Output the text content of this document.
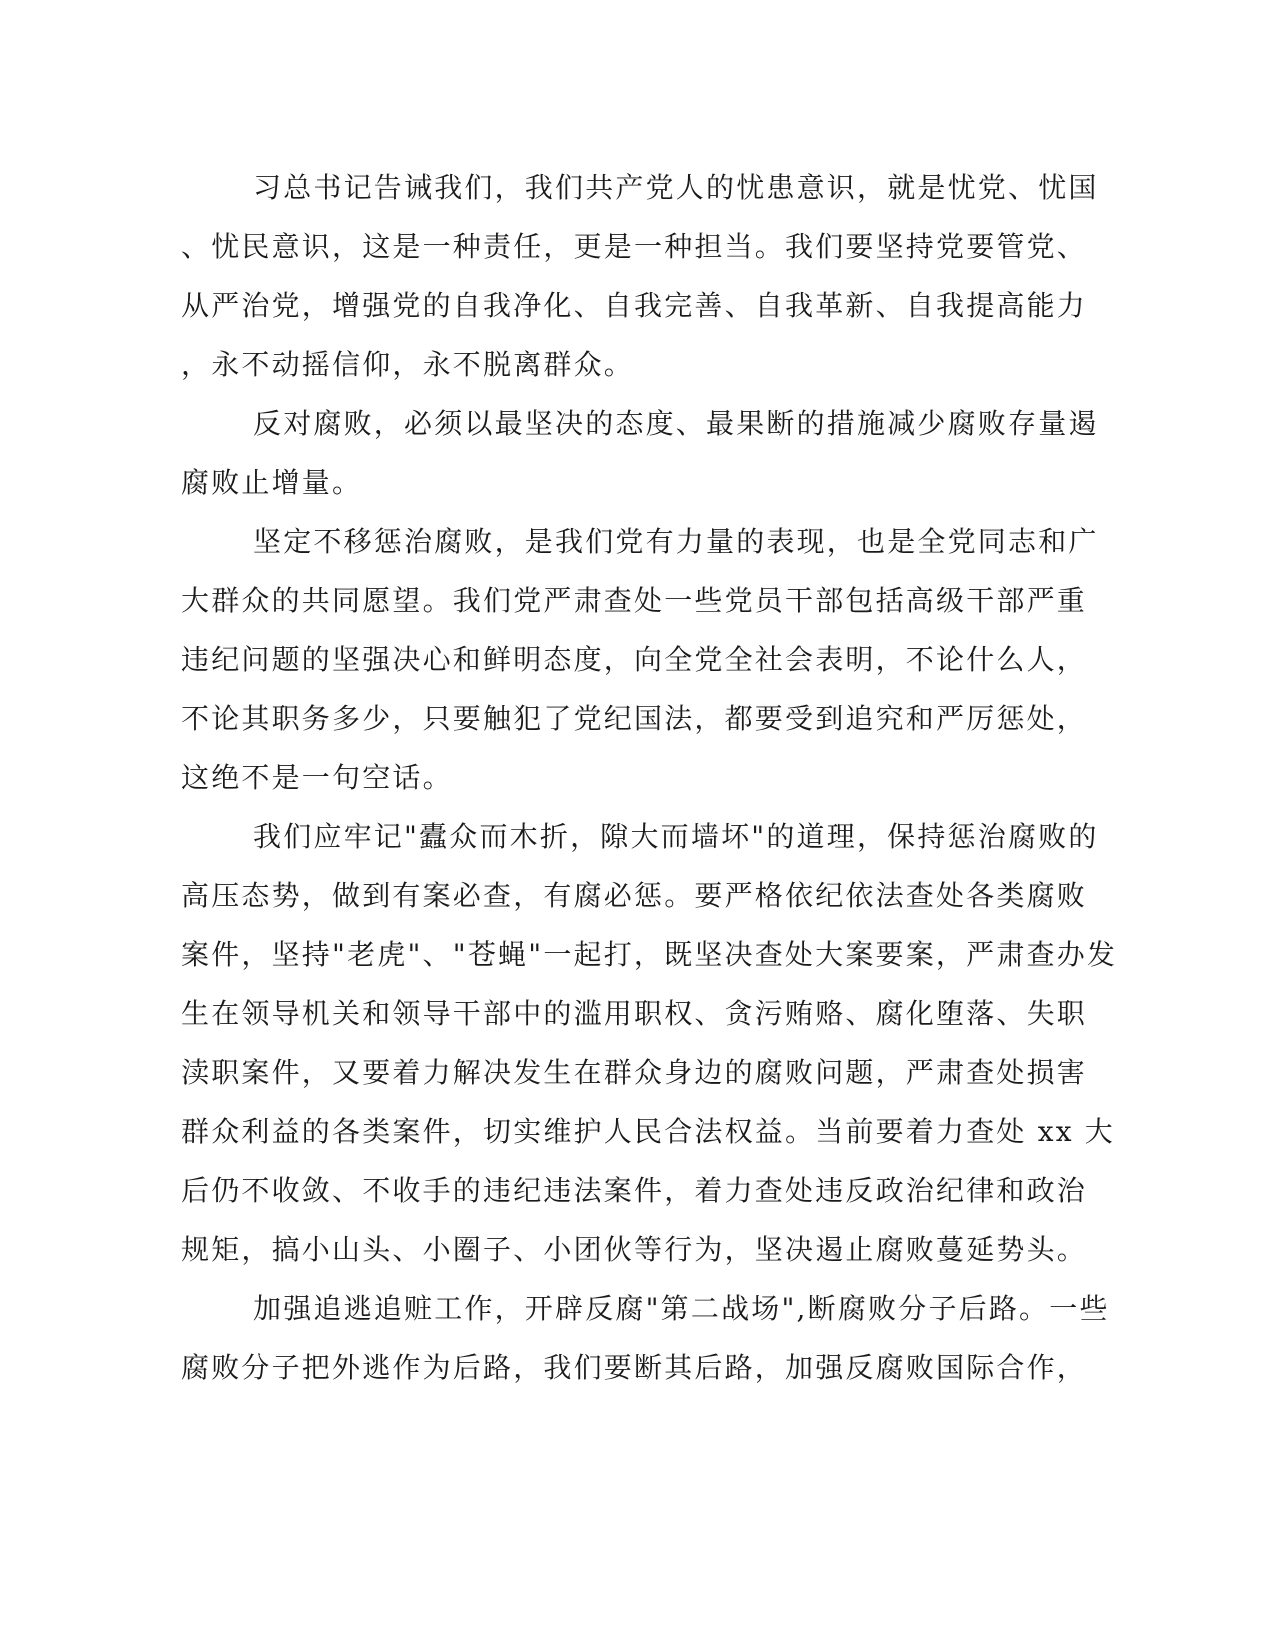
习总书记告诫我们，我们共产党人的忧患意识，就是忧党、忧国
、忧民意识，这是一种责任，更是一种担当。我们要坚持党要管党、
从严治党，增强党的自我净化、自我完善、自我革新、自我提高能力
，永不动摇信仰，永不脱离群众。
反对腐败，必须以最坚决的态度、最果断的措施减少腐败存量遏
腐败止增量。
坚定不移惩治腐败，是我们党有力量的表现，也是全党同志和广
大群众的共同愿望。我们党严肃查处一些党员干部包括高级干部严重
违纪问题的坚强决心和鲜明态度，向全党全社会表明，不论什么人，
不论其职务多少，只要触犯了党纪国法，都要受到追究和严厉惩处，
这绝不是一句空话。
我们应牢记"蠹众而木折，隙大而墙坏"的道理，保持惩治腐败的
高压态势，做到有案必查，有腐必惩。要严格依纪依法查处各类腐败
案件，坚持"老虎"、"苍蝇"一起打，既坚决查处大案要案，严肃查办发
生在领导机关和领导干部中的滥用职权、贪污贿赂、腐化堕落、失职
渎职案件，又要着力解决发生在群众身边的腐败问题，严肃查处损害
群众利益的各类案件，切实维护人民合法权益。当前要着力查处 xx 大
后仍不收敛、不收手的违纪违法案件，着力查处违反政治纪律和政治
规矩，搞小山头、小圈子、小团伙等行为，坚决遏止腐败蔓延势头。
加强追逃追赃工作，开辟反腐"第二战场",断腐败分子后路。一些
腐败分子把外逃作为后路，我们要断其后路，加强反腐败国际合作，
